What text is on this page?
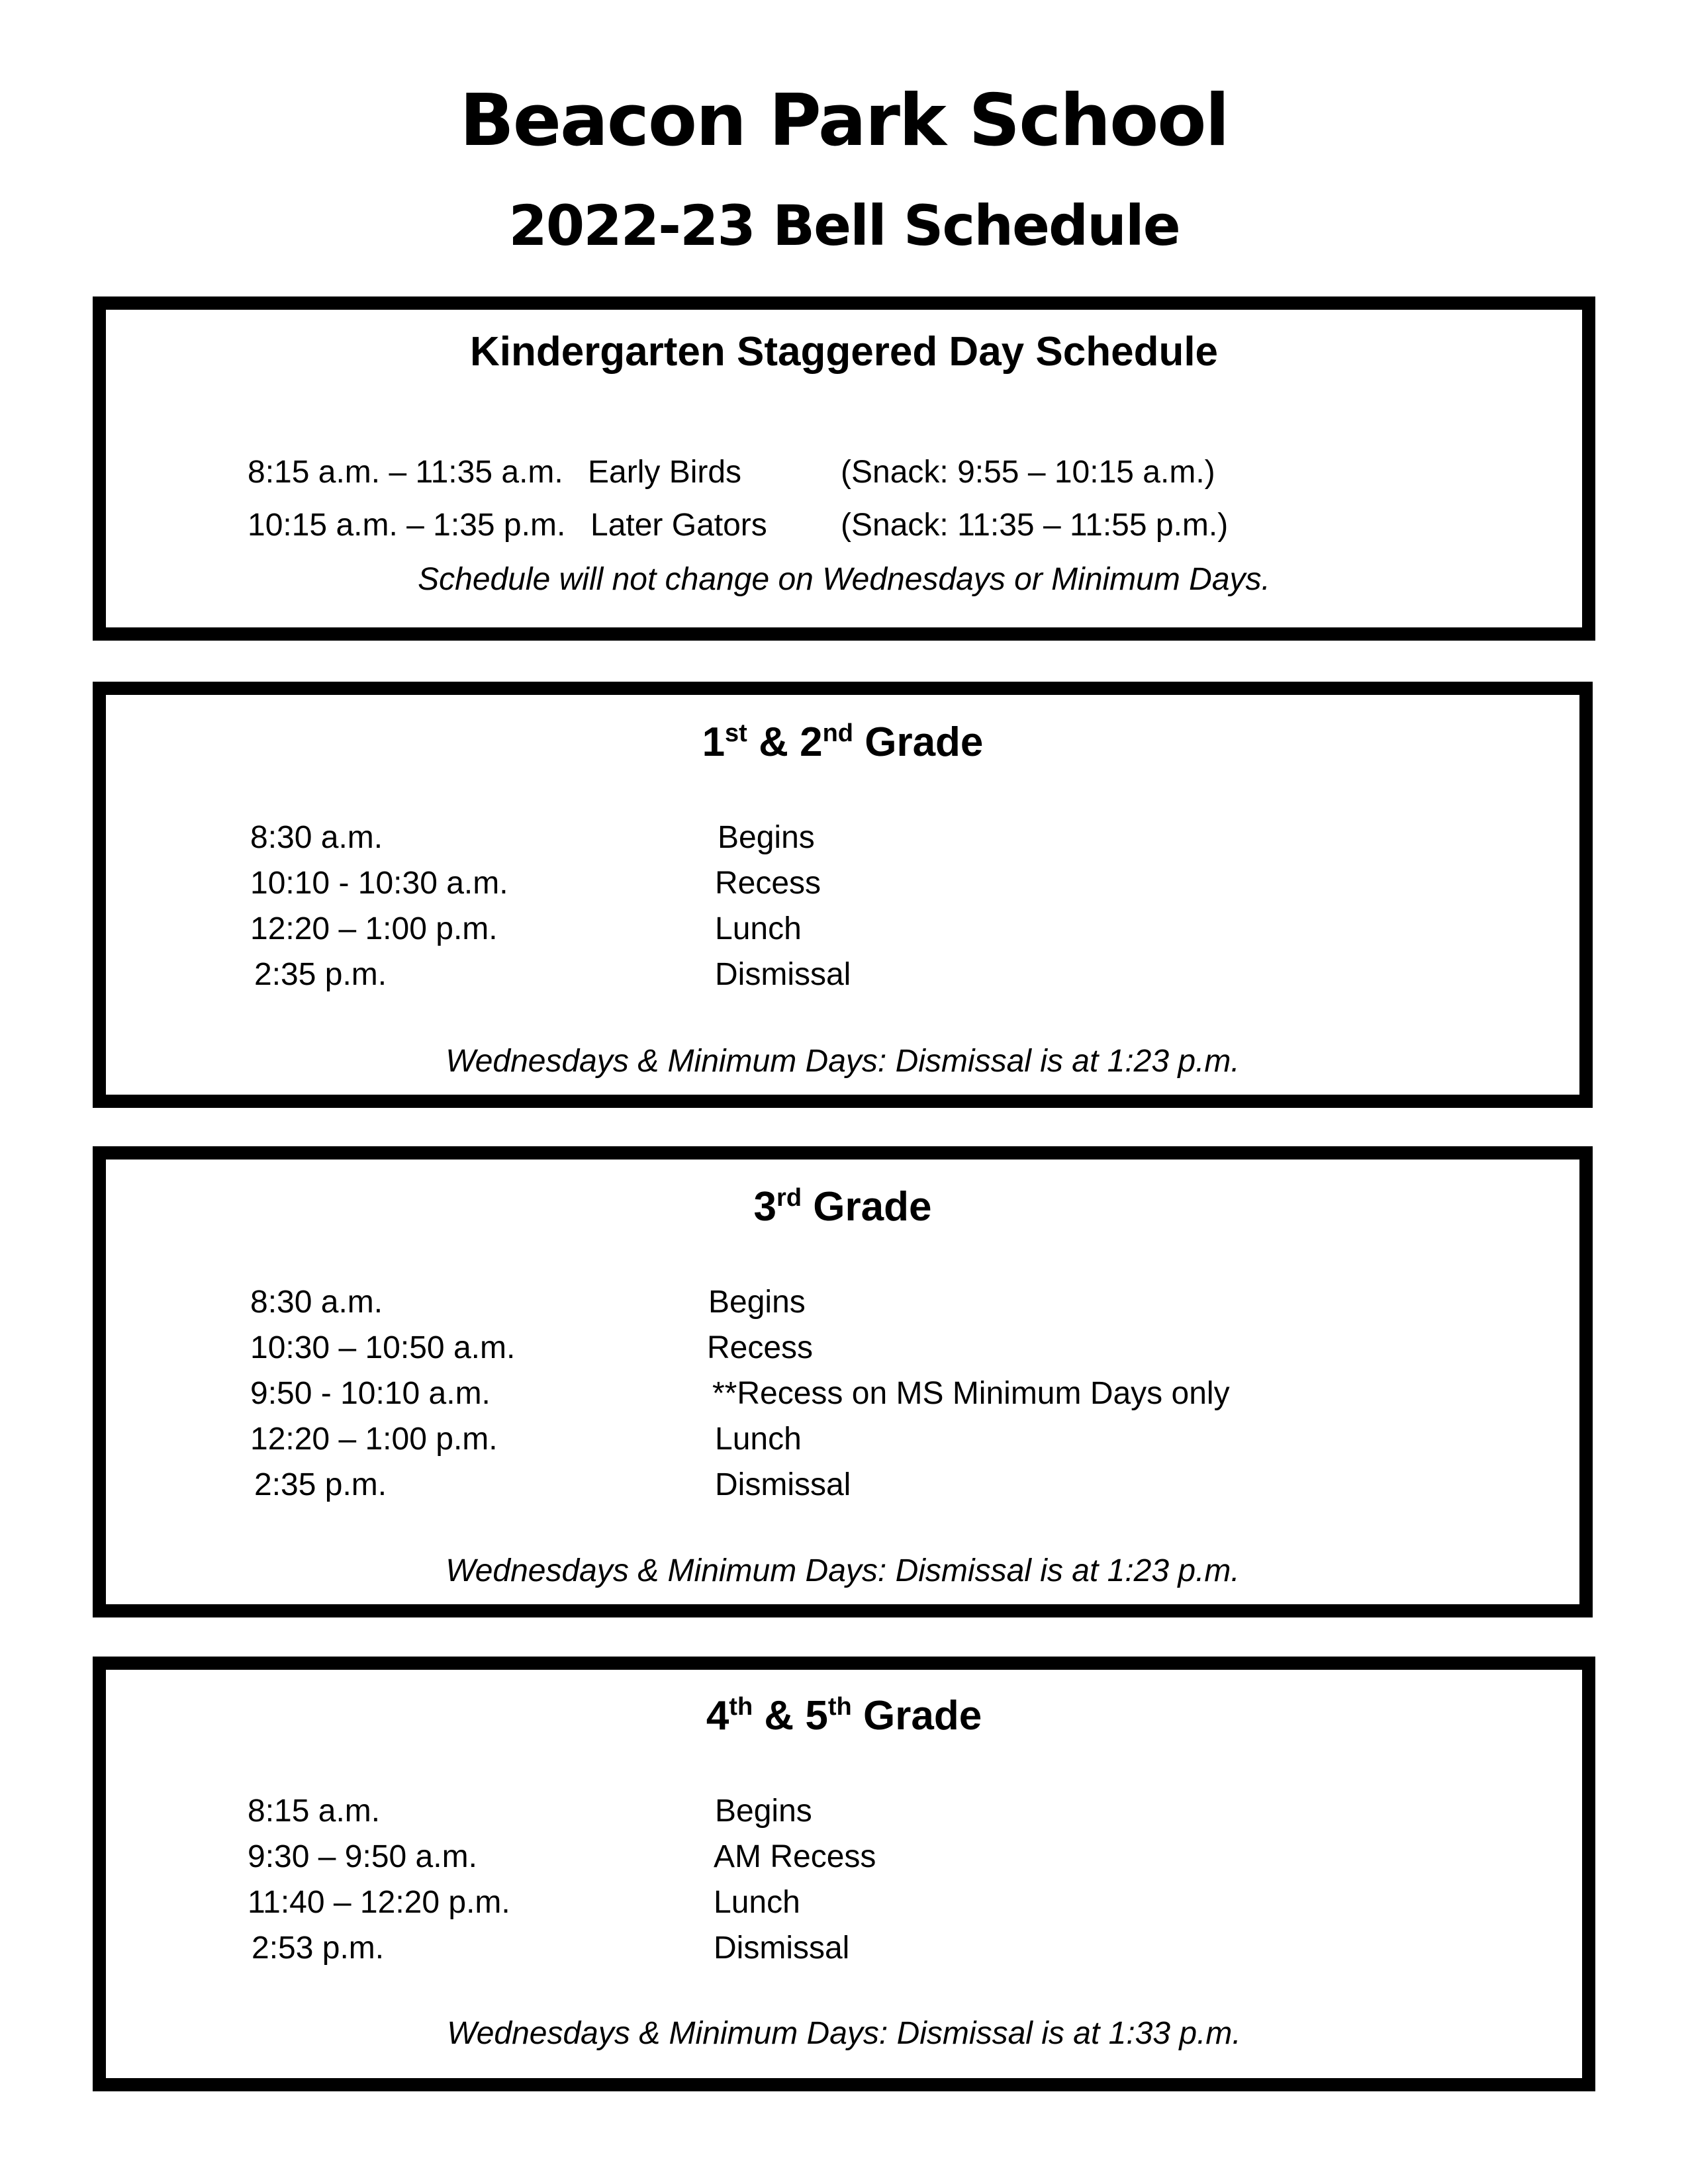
Beacon Park School
2022-23 Bell Schedule
Kindergarten Staggered Day Schedule
8:15 a.m. – 11:35 a.m. Early Birds	(Snack: 9:55 – 10:15 a.m.)
10:15 a.m. – 1:35 p.m. Later Gators (Snack: 11:35 – 11:55 p.m.)
Schedule will not change on Wednesdays or Minimum Days.
1st & 2nd Grade
8:30 a.m.	Begins
10:10 - 10:30 a.m.	Recess
12:20 – 1:00 p.m.	Lunch
2:35 p.m.	Dismissal
Wednesdays & Minimum Days: Dismissal is at 1:23 p.m.
3rd Grade
8:30 a.m.	Begins
10:30 – 10:50 a.m.	Recess
9:50 - 10:10 a.m.	**Recess on MS Minimum Days only
12:20 – 1:00 p.m.	Lunch
2:35 p.m.	Dismissal
Wednesdays & Minimum Days: Dismissal is at 1:23 p.m.
4th & 5th Grade
8:15 a.m.	Begins
9:30 – 9:50 a.m.	AM Recess
11:40 – 12:20 p.m.	Lunch
2:53 p.m.	Dismissal
Wednesdays & Minimum Days: Dismissal is at 1:33 p.m.
